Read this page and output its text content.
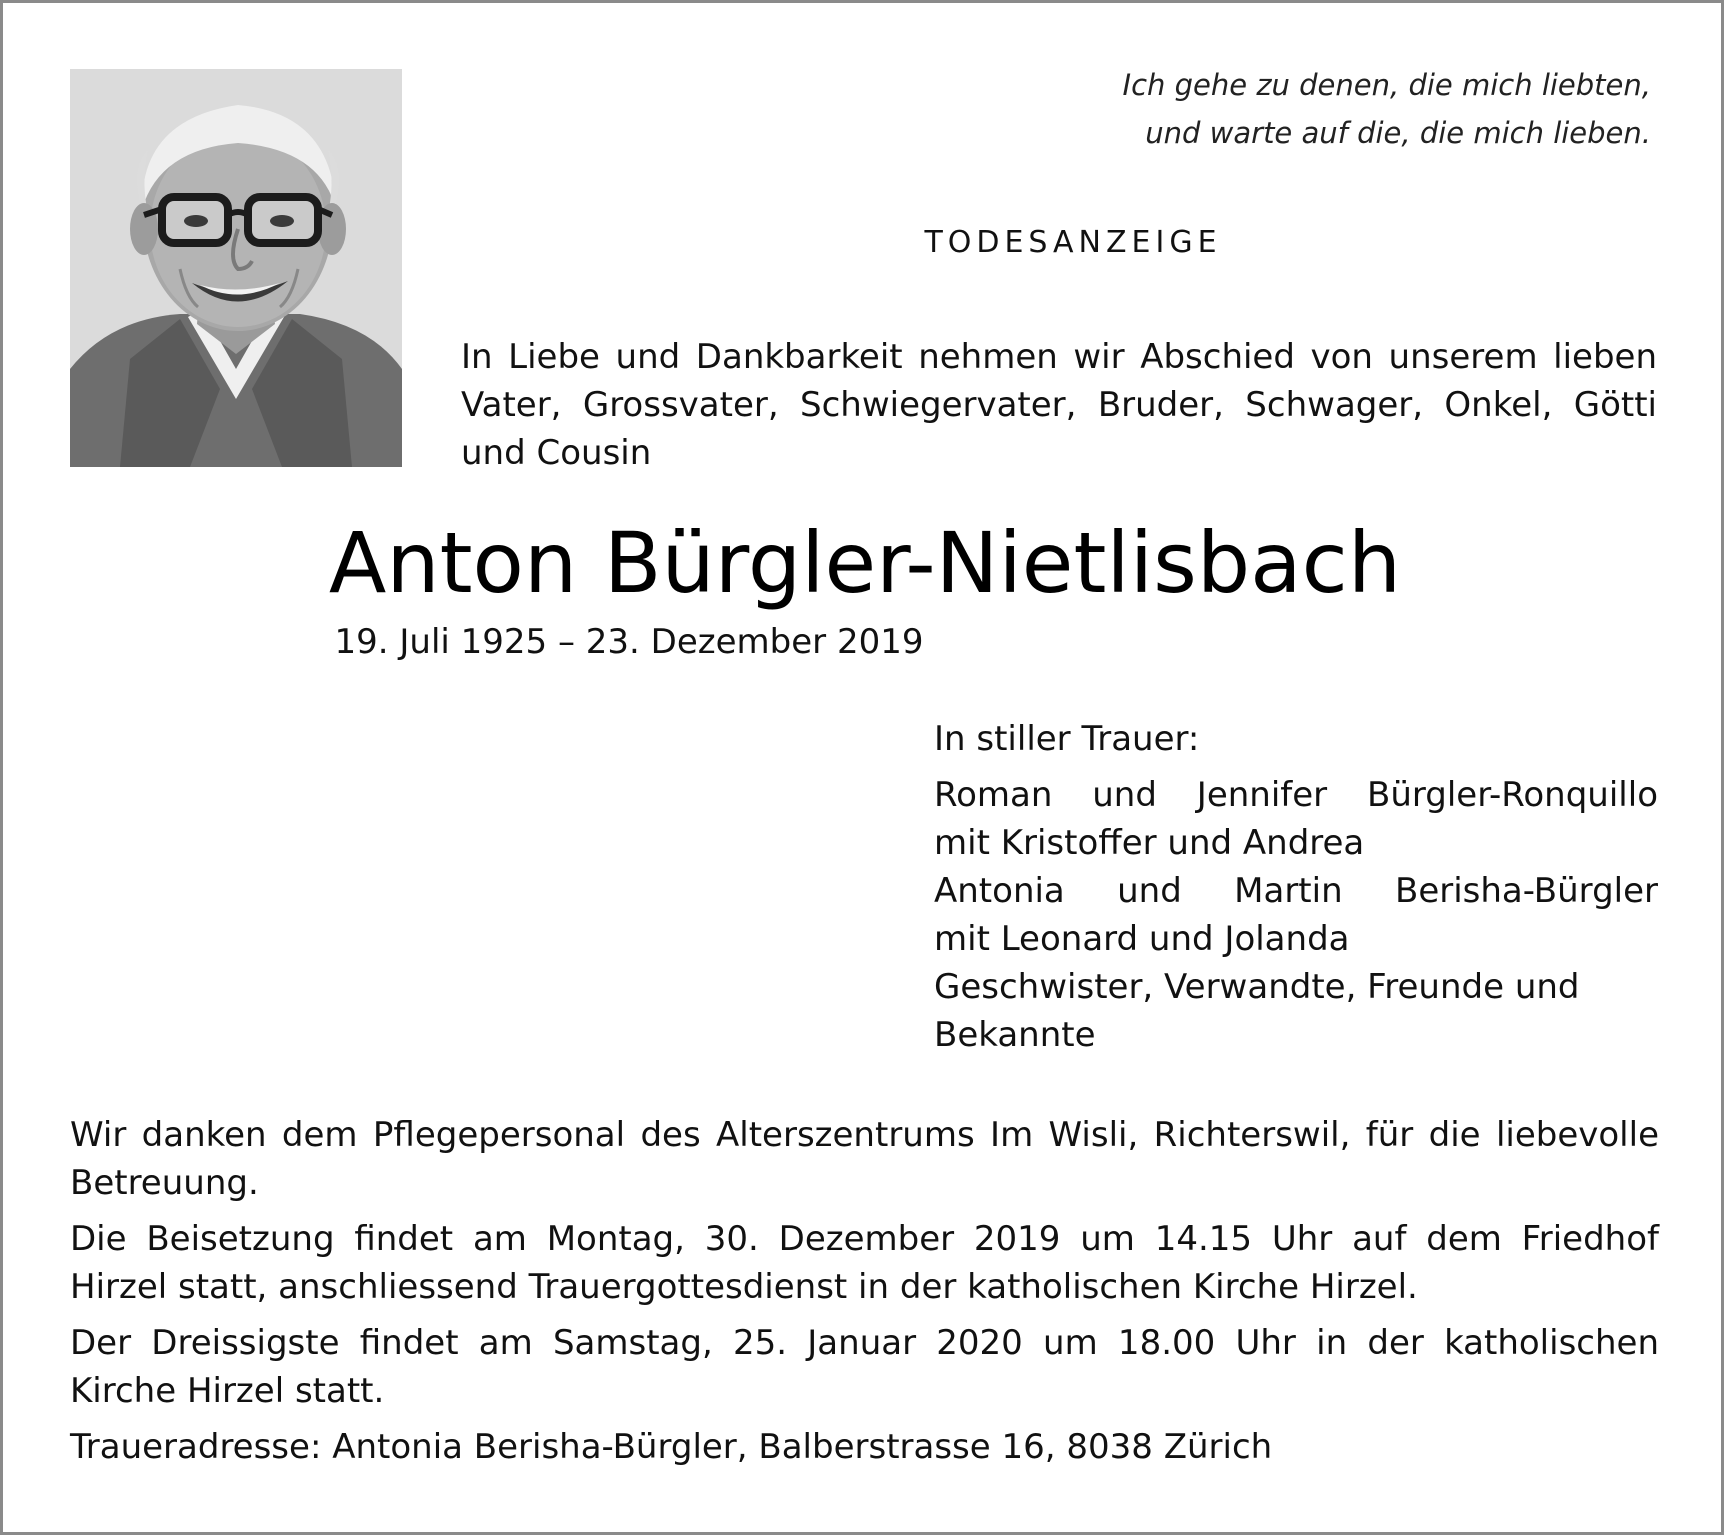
Ich gehe zu denen, die mich liebten,
und warte auf die, die mich lieben.
TODESANZEIGE
In Liebe und Dankbarkeit nehmen wir Abschied von unserem lieben
Vater, Grossvater, Schwiegervater, Bruder, Schwager, Onkel, Götti
und Cousin
Anton Bürgler-Nietlisbach
19. Juli 1925 – 23. Dezember 2019
In stiller Trauer:
Roman und Jennifer Bürgler-Ronquillo
mit Kristoffer und Andrea
Antonia und Martin Berisha-Bürgler
mit Leonard und Jolanda
Geschwister, Verwandte, Freunde und
Bekannte
Wir danken dem Pflegepersonal des Alterszentrums Im Wisli, Richterswil, für die liebevolle
Betreuung.
Die Beisetzung findet am Montag, 30. Dezember 2019 um 14.15 Uhr auf dem Friedhof
Hirzel statt, anschliessend Trauergottesdienst in der katholischen Kirche Hirzel.
Der Dreissigste findet am Samstag, 25. Januar 2020 um 18.00 Uhr in der katholischen
Kirche Hirzel statt.
Traueradresse: Antonia Berisha-Bürgler, Balberstrasse 16, 8038 Zürich
